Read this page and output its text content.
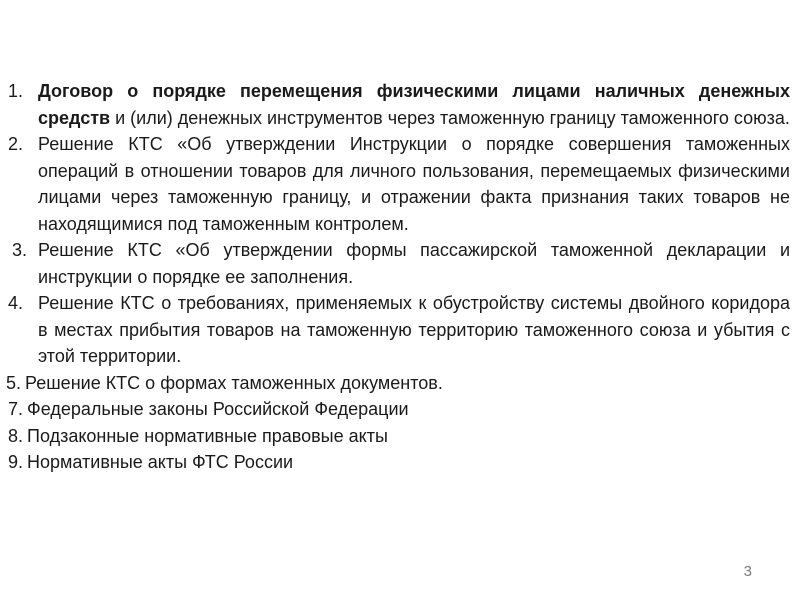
1. Договор о порядке перемещения физическими лицами наличных денежных средств и (или) денежных инструментов через таможенную границу таможенного союза.
2. Решение КТС «Об утверждении Инструкции о порядке совершения таможенных операций в отношении товаров для личного пользования, перемещаемых физическими лицами через таможенную границу, и отражении факта признания таких товаров не находящимися под таможенным контролем.
3. Решение КТС «Об утверждении формы пассажирской таможенной декларации и инструкции о порядке ее заполнения.
4. Решение КТС о требованиях, применяемых к обустройству системы двойного коридора в местах прибытия товаров на таможенную территорию таможенного союза и убытия с этой территории.
5. Решение КТС о формах таможенных документов.
7. Федеральные законы Российской Федерации
8. Подзаконные нормативные правовые акты
9. Нормативные акты ФТС России
3
